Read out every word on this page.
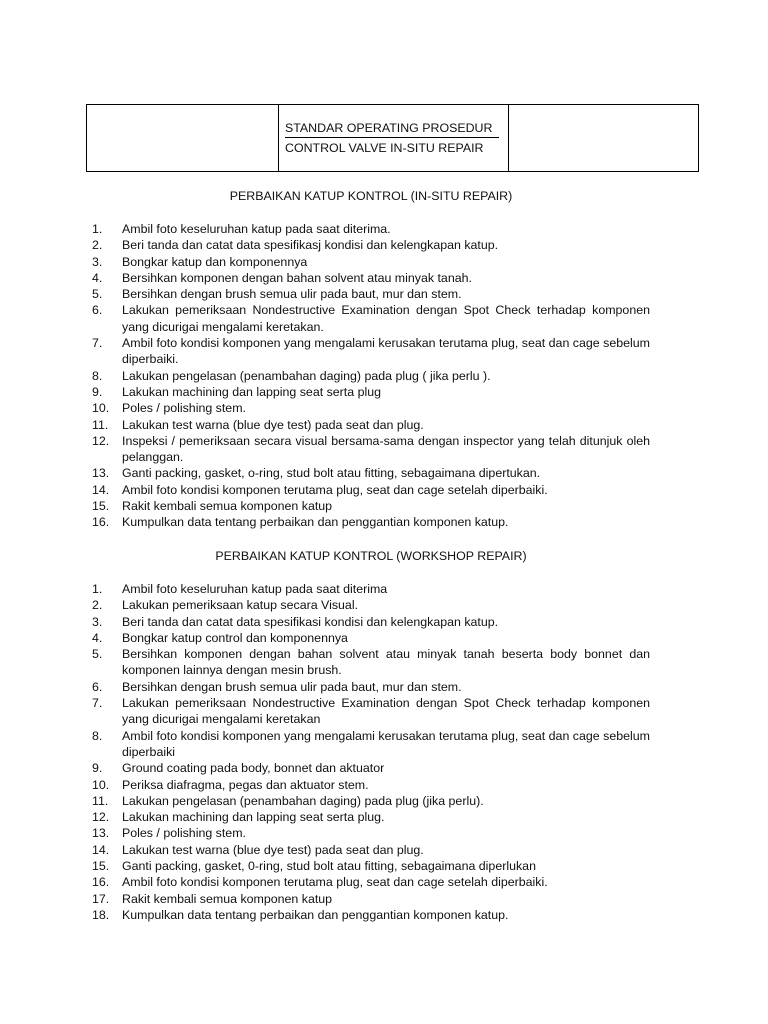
STANDAR OPERATING PROSEDUR
CONTROL VALVE IN-SITU REPAIR
PERBAIKAN KATUP KONTROL (IN-SITU REPAIR)
1.	Ambil foto keseluruhan katup pada saat diterima.
2.	Beri tanda dan catat data spesifikasj kondisi dan kelengkapan katup.
3.	Bongkar katup dan komponennya
4.	Bersihkan komponen dengan bahan solvent atau minyak tanah.
5.	Bersihkan dengan brush semua ulir pada baut, mur dan stem.
6.	Lakukan pemeriksaan Nondestructive Examination dengan Spot Check terhadap komponen yang dicurigai mengalami keretakan.
7.	Ambil foto kondisi komponen yang mengalami kerusakan terutama plug, seat dan cage sebelum diperbaiki.
8.	Lakukan pengelasan (penambahan daging) pada plug ( jika perlu ).
9.	Lakukan machining dan lapping seat serta plug
10.	Poles / polishing stem.
11.	Lakukan test warna (blue dye test) pada seat dan plug.
12.	Inspeksi / pemeriksaan secara visual bersama-sama dengan inspector yang telah ditunjuk oleh pelanggan.
13.	Ganti packing, gasket, o-ring, stud bolt atau fitting, sebagaimana dipertukan.
14.	Ambil foto kondisi komponen terutama plug, seat dan cage setelah diperbaiki.
15.	Rakit kembali semua komponen katup
16.	Kumpulkan data tentang perbaikan dan penggantian komponen katup.
PERBAIKAN KATUP KONTROL (WORKSHOP REPAIR)
1.	Ambil foto keseluruhan katup pada saat diterima
2.	Lakukan pemeriksaan katup secara Visual.
3.	Beri tanda dan catat data spesifikasi kondisi dan kelengkapan katup.
4.	Bongkar katup control dan komponennya
5.	Bersihkan komponen dengan bahan solvent atau minyak tanah beserta body bonnet dan komponen lainnya dengan mesin brush.
6.	Bersihkan dengan brush semua ulir pada baut, mur dan stem.
7.	Lakukan pemeriksaan Nondestructive Examination dengan Spot Check terhadap komponen yang dicurigai mengalami keretakan
8.	Ambil foto kondisi komponen yang mengalami kerusakan terutama plug, seat dan cage sebelum diperbaiki
9.	Ground coating pada body, bonnet dan aktuator
10.	Periksa diafragma, pegas dan aktuator stem.
11.	Lakukan pengelasan (penambahan daging) pada plug (jika perlu).
12.	Lakukan machining dan lapping seat serta plug.
13.	Poles / polishing stem.
14.	Lakukan test warna (blue dye test) pada seat dan plug.
15.	Ganti packing, gasket, 0-ring, stud bolt atau fitting, sebagaimana diperlukan
16.	Ambil foto kondisi komponen terutama plug, seat dan cage setelah diperbaiki.
17.	Rakit kembali semua komponen katup
18.	Kumpulkan data tentang perbaikan dan penggantian komponen katup.
